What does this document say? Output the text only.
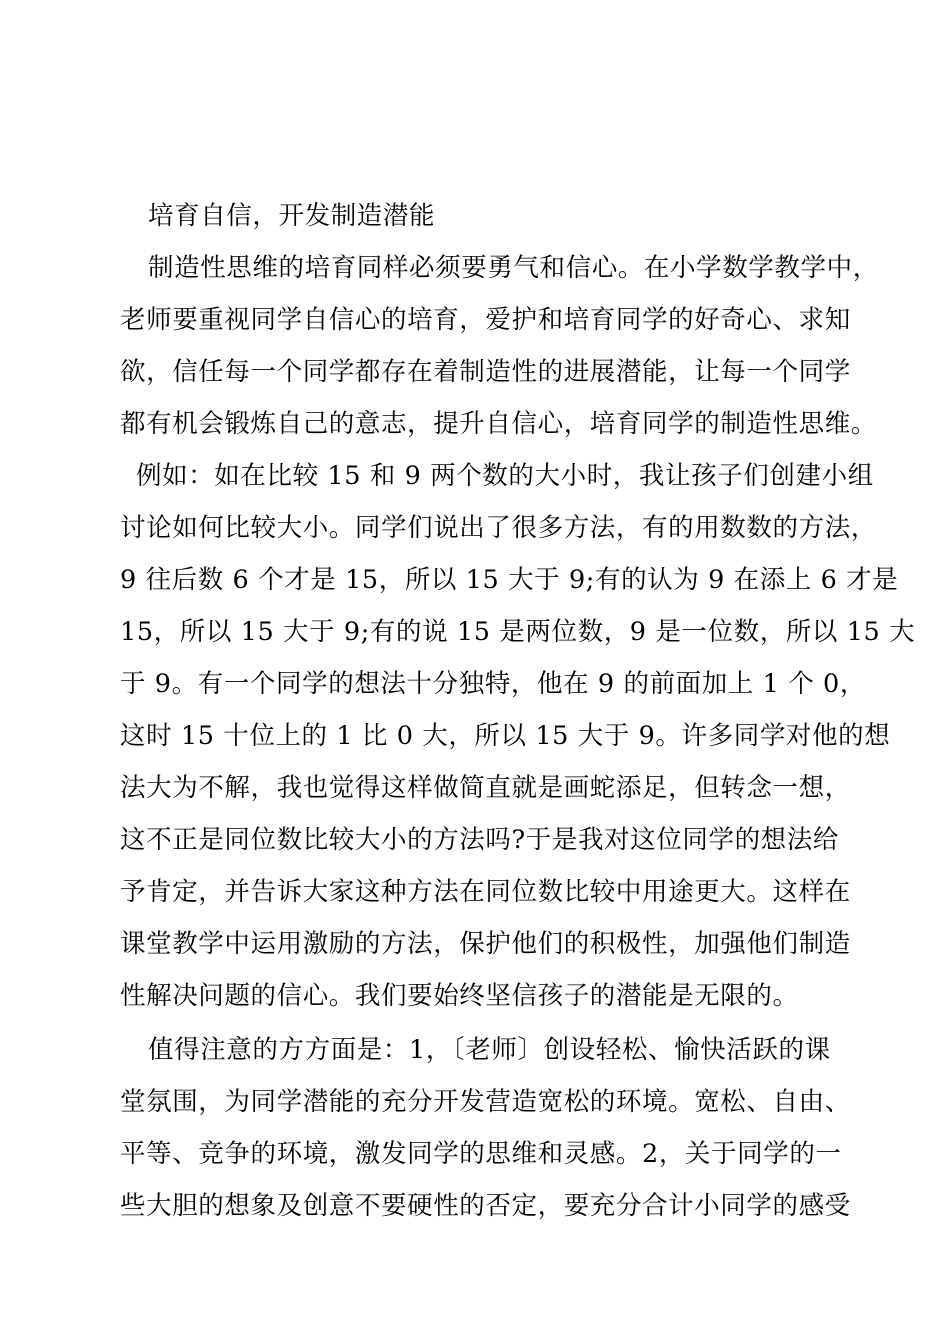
培育自信，开发制造潜能

制造性思维的培育同样必须要勇气和信心。在小学数学教学中，

老师要重视同学自信心的培育，爱护和培育同学的好奇心、求知

欲，信任每一个同学都存在着制造性的进展潜能，让每一个同学

都有机会锻炼自己的意志，提升自信心，培育同学的制造性思维。

例如：如在比较 15 和 9 两个数的大小时，我让孩子们创建小组

讨论如何比较大小。同学们说出了很多方法，有的用数数的方法，

9 往后数 6 个才是 15，所以 15 大于 9;有的认为 9 在添上 6 才是

15，所以 15 大于 9;有的说 15 是两位数，9 是一位数，所以 15 大

于 9。有一个同学的想法十分独特，他在 9 的前面加上 1 个 0，

这时 15 十位上的 1 比 0 大，所以 15 大于 9。许多同学对他的想

法大为不解，我也觉得这样做简直就是画蛇添足，但转念一想，

这不正是同位数比较大小的方法吗?于是我对这位同学的想法给

予肯定，并告诉大家这种方法在同位数比较中用途更大。这样在

课堂教学中运用激励的方法，保护他们的积极性，加强他们制造

性解决问题的信心。我们要始终坚信孩子的潜能是无限的。

值得注意的方方面是：1，〔老师〕创设轻松、愉快活跃的课

堂氛围，为同学潜能的充分开发营造宽松的环境。宽松、自由、

平等、竞争的环境，激发同学的思维和灵感。2，关于同学的一

些大胆的想象及创意不要硬性的否定，要充分合计小同学的感受
